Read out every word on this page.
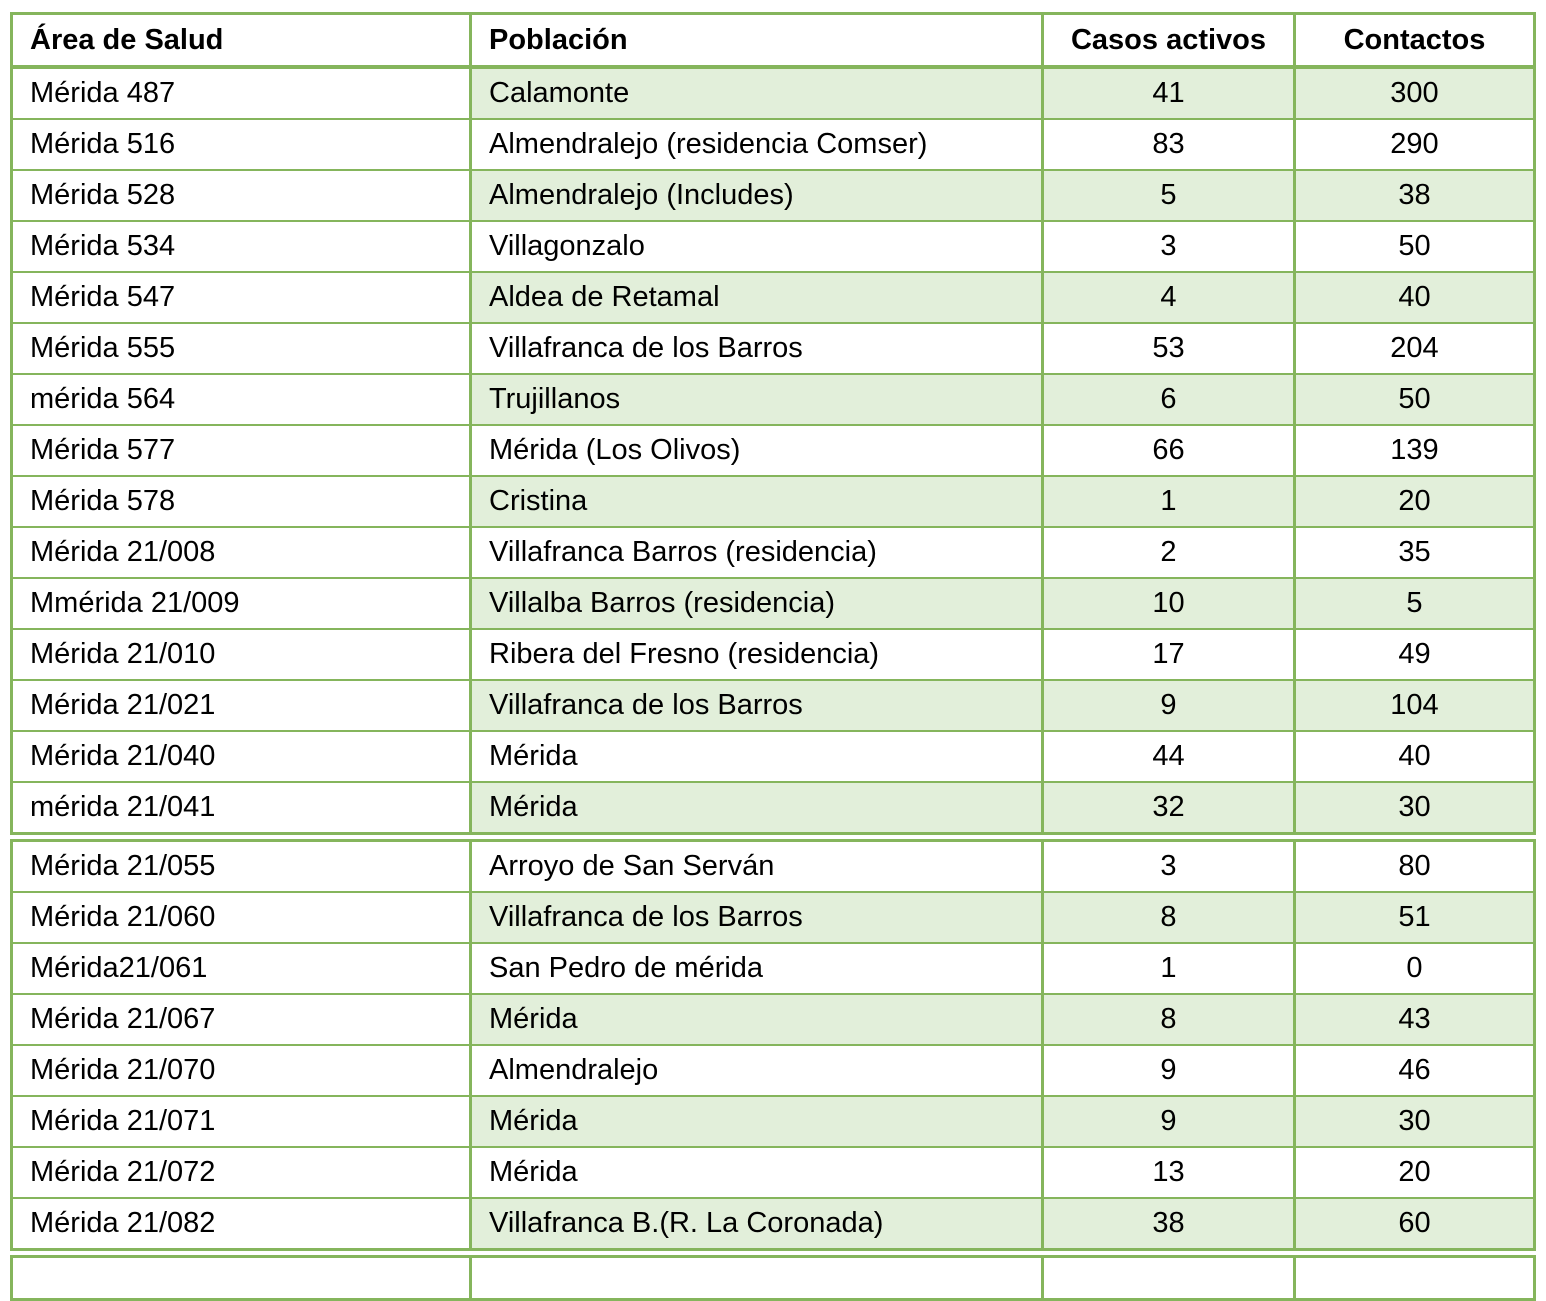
Área de Salud	Población	Casos activos	Contactos
Mérida 487	Calamonte	41	300
Mérida 516	Almendralejo (residencia Comser)	83	290
Mérida 528	Almendralejo (Includes)	5	38
Mérida 534	Villagonzalo	3	50
Mérida 547	Aldea de Retamal	4	40
Mérida 555	Villafranca de los Barros	53	204
mérida 564	Trujillanos	6	50
Mérida 577	Mérida (Los Olivos)	66	139
Mérida 578	Cristina	1	20
Mérida 21/008	Villafranca Barros (residencia)	2	35
Mmérida 21/009	Villalba Barros (residencia)	10	5
Mérida 21/010	Ribera del Fresno (residencia)	17	49
Mérida 21/021	Villafranca de los Barros	9	104
Mérida 21/040	Mérida	44	40
mérida 21/041	Mérida	32	30
Mérida 21/055	Arroyo de San Serván	3	80
Mérida 21/060	Villafranca de los Barros	8	51
Mérida21/061	San Pedro de mérida	1	0
Mérida 21/067	Mérida	8	43
Mérida 21/070	Almendralejo	9	46
Mérida 21/071	Mérida	9	30
Mérida 21/072	Mérida	13	20
Mérida 21/082	Villafranca B.(R. La Coronada)	38	60
